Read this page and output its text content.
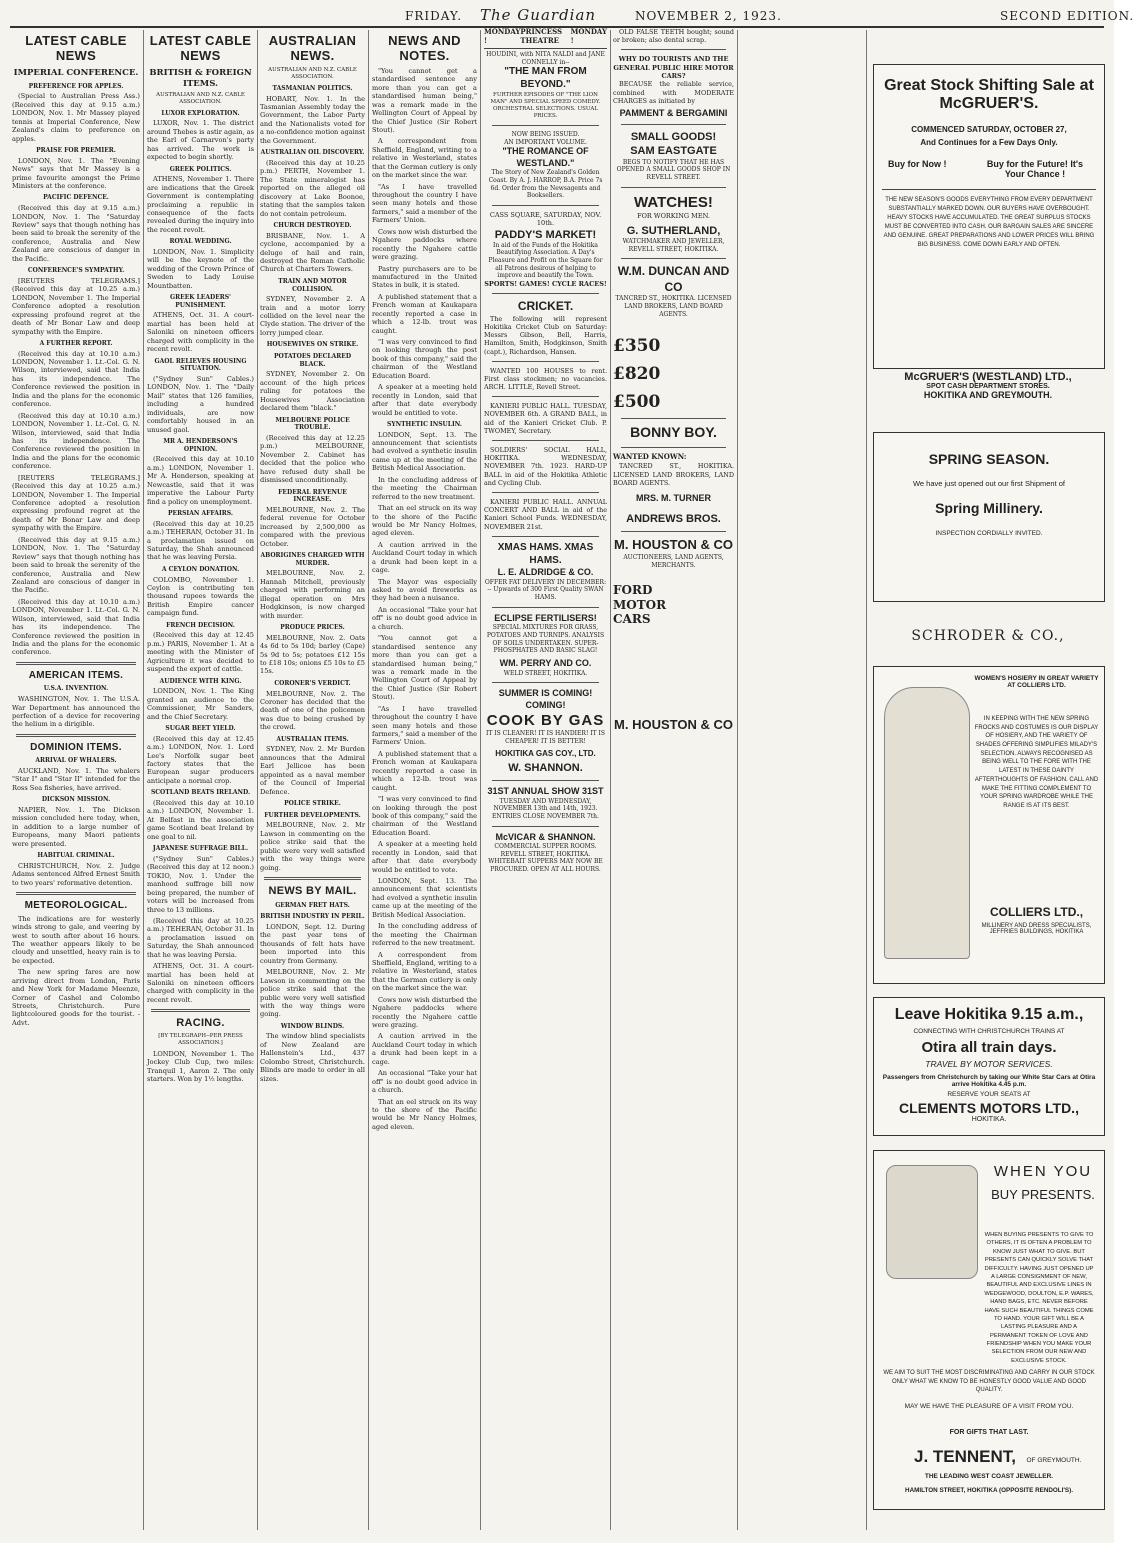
FRIDAY. The Guardian	NOVEMBER 2, 1923.	SECOND EDITION.
LATEST CABLE NEWS
IMPERIAL CONFERENCE.
PREFERENCE FOR APPLES.
(Special to Australian Press Ass.) (Received this day at 9.15 a.m.) LONDON, Nov. 1. Mr Massey played tennis at Imperial Conference, New Zealand's claim to preference on apples.
PRAISE FOR PREMIER.
LONDON, Nov. 1. The "Evening News" says that Mr Massey is a prime favourite amongst the Prime Ministers at the conference.
PACIFIC DEFENCE.
(Received this day at 9.15 a.m.) LONDON, Nov. 1. The "Saturday Review" says that though nothing has been said to break the serenity of the conference, Australia and New Zealand are conscious of danger in the Pacific.
CONFERENCE'S SYMPATHY.
[REUTERS TELEGRAMS.] (Received this day at 10.25 a.m.) LONDON, November 1. The Imperial Conference adopted a resolution expressing profound regret at the death of Mr Bonar Law and deep sympathy with the Empire.
A FURTHER REPORT.
(Received this day at 10.10 a.m.) LONDON, November 1. Lt.-Col. G. N. Wilson, interviewed, said that India has its independence. The Conference reviewed the position in India and the plans for the economic conference.
(Received this day at 10.10 a.m.) LONDON, November 1. Lt.-Col. G. N. Wilson, interviewed, said that India has its independence. The Conference reviewed the position in India and the plans for the economic conference.
[REUTERS TELEGRAMS.] (Received this day at 10.25 a.m.) LONDON, November 1. The Imperial Conference adopted a resolution expressing profound regret at the death of Mr Bonar Law and deep sympathy with the Empire.
(Received this day at 9.15 a.m.) LONDON, Nov. 1. The "Saturday Review" says that though nothing has been said to break the serenity of the conference, Australia and New Zealand are conscious of danger in the Pacific.
(Received this day at 10.10 a.m.) LONDON, November 1. Lt.-Col. G. N. Wilson, interviewed, said that India has its independence. The Conference reviewed the position in India and the plans for the economic conference.
AMERICAN ITEMS.
U.S.A. INVENTION.
WASHINGTON, Nov. 1. The U.S.A. War Department has announced the perfection of a device for recovering the helium in a dirigible.
DOMINION ITEMS.
ARRIVAL OF WHALERS.
AUCKLAND, Nov. 1. The whalers "Star I" and "Star II" intended for the Ross Sea fisheries, have arrived.
DICKSON MISSION.
NAPIER, Nov. 1. The Dickson mission concluded here today, when, in addition to a large number of Europeans, many Maori patients were presented.
HABITUAL CRIMINAL.
CHRISTCHURCH, Nov. 2. Judge Adams sentenced Alfred Ernest Smith to two years' reformative detention.
METEOROLOGICAL.
The indications are for westerly winds strong to gale, and veering by west to south after about 16 hours. The weather appears likely to be cloudy and unsettled, heavy rain is to be expected.
The new spring fares are now arriving direct from London, Paris and New York for Madame Meenze, Corner of Cashel and Colombo Streets, Christchurch. Pure lightcoloured goods for the tourist. -Advt.
LATEST CABLE NEWS
BRITISH & FOREIGN ITEMS.
AUSTRALIAN AND N.Z. CABLE ASSOCIATION.
LUXOR EXPLORATION.
LUXOR, Nov. 1. The district around Thebes is astir again, as the Earl of Carnarvon's party has arrived. The work is expected to begin shortly.
GREEK POLITICS.
ATHENS, November 1. There are indications that the Greek Government is contemplating proclaiming a republic in consequence of the facts revealed during the inquiry into the recent revolt.
ROYAL WEDDING.
LONDON, Nov. 1. Simplicity will be the keynote of the wedding of the Crown Prince of Sweden to Lady Louise Mountbatten.
GREEK LEADERS' PUNISHMENT.
ATHENS, Oct. 31. A court-martial has been held at Saloniki on nineteen officers charged with complicity in the recent revolt.
GAOL RELIEVES HOUSING SITUATION.
("Sydney Sun" Cables.) LONDON, Nov. 1. The "Daily Mail" states that 126 families, including a hundred individuals, are now comfortably housed in an unused gaol.
MR A. HENDERSON'S OPINION.
(Received this day at 10.10 a.m.) LONDON, November 1. Mr A. Henderson, speaking at Newcastle, said that it was imperative the Labour Party find a policy on unemployment.
PERSIAN AFFAIRS.
(Received this day at 10.25 a.m.) TEHERAN, October 31. In a proclamation issued on Saturday, the Shah announced that he was leaving Persia.
A CEYLON DONATION.
COLOMBO, November 1. Ceylon is contributing ten thousand rupees towards the British Empire cancer campaign fund.
FRENCH DECISION.
(Received this day at 12.45 p.m.) PARIS, November 1. At a meeting with the Minister of Agriculture it was decided to suspend the export of cattle.
AUDIENCE WITH KING.
LONDON, Nov. 1. The King granted an audience to the Commissioner, Mr Sanders, and the Chief Secretary.
SUGAR BEET YIELD.
(Received this day at 12.45 a.m.) LONDON, Nov. 1. Lord Lee's Norfolk sugar beet factory states that the European sugar producers anticipate a normal crop.
SCOTLAND BEATS IRELAND.
(Received this day at 10.10 a.m.) LONDON, November 1. At Belfast in the association game Scotland beat Ireland by one goal to nil.
JAPANESE SUFFRAGE BILL.
("Sydney Sun" Cables.) (Received this day at 12 noon.) TOKIO, Nov. 1. Under the manhood suffrage bill now being prepared, the number of voters will be increased from three to 13 millions.
(Received this day at 10.25 a.m.) TEHERAN, October 31. In a proclamation issued on Saturday, the Shah announced that he was leaving Persia.
ATHENS, Oct. 31. A court-martial has been held at Saloniki on nineteen officers charged with complicity in the recent revolt.
RACING.
[BY TELEGRAPH--PER PRESS ASSOCIATION.]
LONDON, November 1. The Jockey Club Cup, two miles: Tranquil 1, Aaron 2. The only starters. Won by 1½ lengths.
AUSTRALIAN NEWS.
AUSTRALIAN AND N.Z. CABLE ASSOCIATION.
TASMANIAN POLITICS.
HOBART, Nov. 1. In the Tasmanian Assembly today the Government, the Labor Party and the Nationalists voted for a no-confidence motion against the Government.
AUSTRALIAN OIL DISCOVERY.
(Received this day at 10.25 p.m.) PERTH, November 1. The State mineralogist has reported on the alleged oil discovery at Lake Boonoe, stating that the samples taken do not contain petroleum.
CHURCH DESTROYED.
BRISBANE, Nov. 1. A cyclone, accompanied by a deluge of hail and rain, destroyed the Roman Catholic Church at Charters Towers.
TRAIN AND MOTOR COLLISION.
SYDNEY, November 2. A train and a motor lorry collided on the level near the Clyde station. The driver of the lorry jumped clear.
HOUSEWIVES ON STRIKE.
POTATOES DECLARED BLACK.
SYDNEY, November 2. On account of the high prices ruling for potatoes the Housewives Association declared them "black."
MELBOURNE POLICE TROUBLE.
(Received this day at 12.25 p.m.) MELBOURNE, November 2. Cabinet has decided that the police who have refused duty shall be dismissed unconditionally.
FEDERAL REVENUE INCREASE.
MELBOURNE, Nov. 2. The federal revenue for October increased by 2,500,000 as compared with the previous October.
ABORIGINES CHARGED WITH MURDER.
MELBOURNE, Nov. 2. Hannah Mitchell, previously charged with performing an illegal operation on Mrs Hodgkinson, is now charged with murder.
PRODUCE PRICES.
MELBOURNE, Nov. 2. Oats 4s 6d to 5s 10d; barley (Cape) 5s 9d to 5s; potatoes £12 15s to £18 10s; onions £5 10s to £5 15s.
CORONER'S VERDICT.
MELBOURNE, Nov. 2. The Coroner has decided that the death of one of the policemen was due to being crushed by the crowd.
AUSTRALIAN ITEMS.
SYDNEY, Nov. 2. Mr Burden announces that the Admiral Earl Jellicoe has been appointed as a naval member of the Council of Imperial Defence.
POLICE STRIKE.
FURTHER DEVELOPMENTS.
MELBOURNE, Nov. 2. Mr Lawson in commenting on the police strike said that the public were very well satisfied with the way things were going.
NEWS BY MAIL.
GERMAN FRET HATS.
BRITISH INDUSTRY IN PERIL.
LONDON, Sept. 12. During the past year tens of thousands of felt hats have been imported into this country from Germany.
MELBOURNE, Nov. 2. Mr Lawson in commenting on the police strike said that the public were very well satisfied with the way things were going.
WINDOW BLINDS.
The window blind specialists of New Zealand are Hallenstein's Ltd., 437 Colombo Street, Christchurch. Blinds are made to order in all sizes.
NEWS AND NOTES.
"You cannot get a standardised sentence any more than you can get a standardised human being," was a remark made in the Wellington Court of Appeal by the Chief Justice (Sir Robert Stout).
A correspondent from Sheffield, England, writing to a relative in Westerland, states that the German cutlery is only on the market since the war.
"As I have travelled throughout the country I have seen many hotels and those farmers," said a member of the Farmers' Union.
Cows now wish disturbed the Ngahere paddocks where recently the Ngahere cattle were grazing.
Pastry purchasers are to be manufactured in the United States in bulk, it is stated.
A published statement that a French woman at Kaukapara recently reported a case in which a 12-lb. trout was caught.
"I was very convinced to find on looking through the post book of this company," said the chairman of the Westland Education Board.
A speaker at a meeting held recently in London, said that after that date everybody would be entitled to vote.
SYNTHETIC INSULIN.
LONDON, Sept. 13. The announcement that scientists had evolved a synthetic insulin came up at the meeting of the British Medical Association.
In the concluding address of the meeting the Chairman referred to the new treatment.
That an eel struck on its way to the shore of the Pacific would be Mr Nancy Holmes, aged eleven.
A caution arrived in the Auckland Court today in which a drunk had been kept in a cage.
The Mayor was especially asked to avoid fireworks as they had been a nuisance.
An occasional "Take your hat off" is no doubt good advice in a church.
"You cannot get a standardised sentence any more than you can get a standardised human being," was a remark made in the Wellington Court of Appeal by the Chief Justice (Sir Robert Stout).
"As I have travelled throughout the country I have seen many hotels and those farmers," said a member of the Farmers' Union.
A published statement that a French woman at Kaukapara recently reported a case in which a 12-lb. trout was caught.
"I was very convinced to find on looking through the post book of this company," said the chairman of the Westland Education Board.
A speaker at a meeting held recently in London, said that after that date everybody would be entitled to vote.
LONDON, Sept. 13. The announcement that scientists had evolved a synthetic insulin came up at the meeting of the British Medical Association.
In the concluding address of the meeting the Chairman referred to the new treatment.
A correspondent from Sheffield, England, writing to a relative in Westerland, states that the German cutlery is only on the market since the war.
Cows now wish disturbed the Ngahere paddocks where recently the Ngahere cattle were grazing.
A caution arrived in the Auckland Court today in which a drunk had been kept in a cage.
An occasional "Take your hat off" is no doubt good advice in a church.
That an eel struck on its way to the shore of the Pacific would be Mr Nancy Holmes, aged eleven.
MONDAY !
PRINCESS THEATRE
MONDAY !
HOUDINI, with NITA NALDI and JANE CONNELLY in--
"THE MAN FROM BEYOND."
FURTHER EPISODES OF "THE LION MAN" AND SPECIAL SPEED COMEDY. ORCHESTRAL SELECTIONS. USUAL PRICES.
NOW BEING ISSUED.
AN IMPORTANT VOLUME.
"THE ROMANCE OF WESTLAND."
The Story of New Zealand's Golden Coast. By A. J. HARROP, B.A. Price 7s 6d. Order from the Newsagents and Booksellers.
CASS SQUARE, SATURDAY, NOV. 10th.
PADDY'S MARKET!
In aid of the Funds of the Hokitika Beautifying Association. A Day's Pleasure and Profit on the Square for all Patrons desirous of helping to improve and beautify the Town.
SPORTS! GAMES! CYCLE RACES!
CRICKET.
The following will represent Hokitika Cricket Club on Saturday: Messrs Gibson, Bell, Harris, Hamilton, Smith, Hodgkinson, Smith (capt.), Richardson, Hansen.
WANTED 100 HOUSES to rent. First class stockmen; no vacancies. ARCH. LITTLE, Revell Street.
KANIERI PUBLIC HALL. TUESDAY, NOVEMBER 6th. A GRAND BALL, in aid of the Kanieri Cricket Club. P. TWOMEY, Secretary.
SOLDIERS' SOCIAL HALL, HOKITIKA. WEDNESDAY, NOVEMBER 7th. 1923. HARD-UP BALL in aid of the Hokitika Athletic and Cycling Club.
KANIERI PUBLIC HALL. ANNUAL CONCERT AND BALL in aid of the Kanieri School Funds. WEDNESDAY, NOVEMBER 21st.
XMAS HAMS. XMAS HAMS.
L. E. ALDRIDGE & CO.
OFFER FAT DELIVERY IN DECEMBER: -- Upwards of 300 First Quality SWAN HAMS.
ECLIPSE FERTILISERS!
SPECIAL MIXTURES FOR GRASS, POTATOES AND TURNIPS. ANALYSIS OF SOILS UNDERTAKEN. SUPER-PHOSPHATES AND BASIC SLAG!
WM. PERRY AND CO.
WELD STREET, HOKITIKA.
SUMMER IS COMING! COMING!
COOK BY GAS
IT IS CLEANER! IT IS HANDIER! IT IS CHEAPER! IT IS BETTER!
HOKITIKA GAS COY., LTD.
W. SHANNON.
31ST ANNUAL SHOW 31ST
TUESDAY AND WEDNESDAY, NOVEMBER 13th and 14th, 1923. ENTRIES CLOSE NOVEMBER 7th.
McVICAR & SHANNON.
COMMERCIAL SUPPER ROOMS. REVELL STREET, HOKITIKA. WHITEBAIT SUPPERS MAY NOW BE PROCURED. OPEN AT ALL HOURS.
OLD FALSE TEETH bought; sound or broken; also dental scrap.
WHY DO TOURISTS AND THE GENERAL PUBLIC HIRE MOTOR CARS?
BECAUSE the reliable service, combined with MODERATE CHARGES as initiated by
PAMMENT & BERGAMINI
SMALL GOODS!
SAM EASTGATE
BEGS TO NOTIFY THAT HE HAS OPENED A SMALL GOODS SHOP IN REVELL STREET.
WATCHES!
FOR WORKING MEN.
G. SUTHERLAND,
WATCHMAKER AND JEWELLER, REVELL STREET, HOKITIKA.
W.M. DUNCAN AND CO
TANCRED ST., HOKITIKA. LICENSED LAND BROKERS, LAND BOARD AGENTS.
£350
£820
£500
BONNY BOY.
WANTED KNOWN:
TANCRED ST., HOKITIKA. LICENSED LAND BROKERS, LAND BOARD AGENTS.
MRS. M. TURNER
ANDREWS BROS.
M. HOUSTON & CO
AUCTIONEERS, LAND AGENTS, MERCHANTS.
FORD
MOTOR
CARS
M. HOUSTON & CO
Great Stock Shifting Sale at McGRUER'S.
COMMENCED SATURDAY, OCTOBER 27,
And Continues for a Few Days Only.
Buy for Now !	Buy for the Future! It's Your Chance !
THE NEW SEASON'S GOODS EVERYTHING FROM EVERY DEPARTMENT SUBSTANTIALLY MARKED DOWN. OUR BUYERS HAVE OVERBOUGHT. HEAVY STOCKS HAVE ACCUMULATED. THE GREAT SURPLUS STOCKS MUST BE CONVERTED INTO CASH. OUR BARGAIN SALES ARE SINCERE AND GENUINE. GREAT PREPARATIONS AND LOWER PRICES WILL BRING BIG BUSINESS. COME DOWN EARLY AND OFTEN.
McGRUER'S (WESTLAND) LTD.,
SPOT CASH DEPARTMENT STORES.
HOKITIKA AND GREYMOUTH.
SPRING SEASON.
We have just opened out our first Shipment of
Spring Millinery.
INSPECTION CORDIALLY INVITED.
SCHRODER & CO.,
WOMEN'S HOSIERY IN GREAT VARIETY AT COLLIERS LTD.
IN KEEPING WITH THE NEW SPRING FROCKS AND COSTUMES IS OUR DISPLAY OF HOSIERY, AND THE VARIETY OF SHADES OFFERING SIMPLIFIES MILADY'S SELECTION. ALWAYS RECOGNISED AS BEING WELL TO THE FORE WITH THE LATEST IN THESE DAINTY AFTERTHOUGHTS OF FASHION. CALL AND MAKE THE FITTING COMPLEMENT TO YOUR SPRING WARDROBE WHILE THE RANGE IS AT ITS BEST.
COLLIERS LTD.,
MILLINERY AND DRESS SPECIALISTS, JEFFRIES BUILDINGS, HOKITIKA
Leave Hokitika 9.15 a.m.,
CONNECTING WITH CHRISTCHURCH TRAINS AT
Otira all train days.
TRAVEL BY MOTOR SERVICES.
Passengers from Christchurch by taking our White Star Cars at Otira arrive Hokitika 4.45 p.m.
RESERVE YOUR SEATS AT
CLEMENTS MOTORS LTD.,
HOKITIKA.
WHEN YOU
BUY PRESENTS.
WHEN BUYING PRESENTS TO GIVE TO OTHERS, IT IS OFTEN A PROBLEM TO KNOW JUST WHAT TO GIVE. BUT PRESENTS CAN QUICKLY SOLVE THAT DIFFICULTY. HAVING JUST OPENED UP A LARGE CONSIGNMENT OF NEW, BEAUTIFUL AND EXCLUSIVE LINES IN WEDGEWOOD, DOULTON, E.P. WARES, HAND BAGS, ETC. NEVER BEFORE HAVE SUCH BEAUTIFUL THINGS COME TO HAND. YOUR GIFT WILL BE A LASTING PLEASURE AND A PERMANENT TOKEN OF LOVE AND FRIENDSHIP WHEN YOU MAKE YOUR SELECTION FROM OUR NEW AND EXCLUSIVE STOCK.
WE AIM TO SUIT THE MOST DISCRIMINATING AND CARRY IN OUR STOCK ONLY WHAT WE KNOW TO BE HONESTLY GOOD VALUE AND GOOD QUALITY.
MAY WE HAVE THE PLEASURE OF A VISIT FROM YOU.
FOR GIFTS THAT LAST.
J. TENNENT, OF GREYMOUTH.
THE LEADING WEST COAST JEWELLER.
HAMILTON STREET, HOKITIKA (OPPOSITE RENDOLI'S).
